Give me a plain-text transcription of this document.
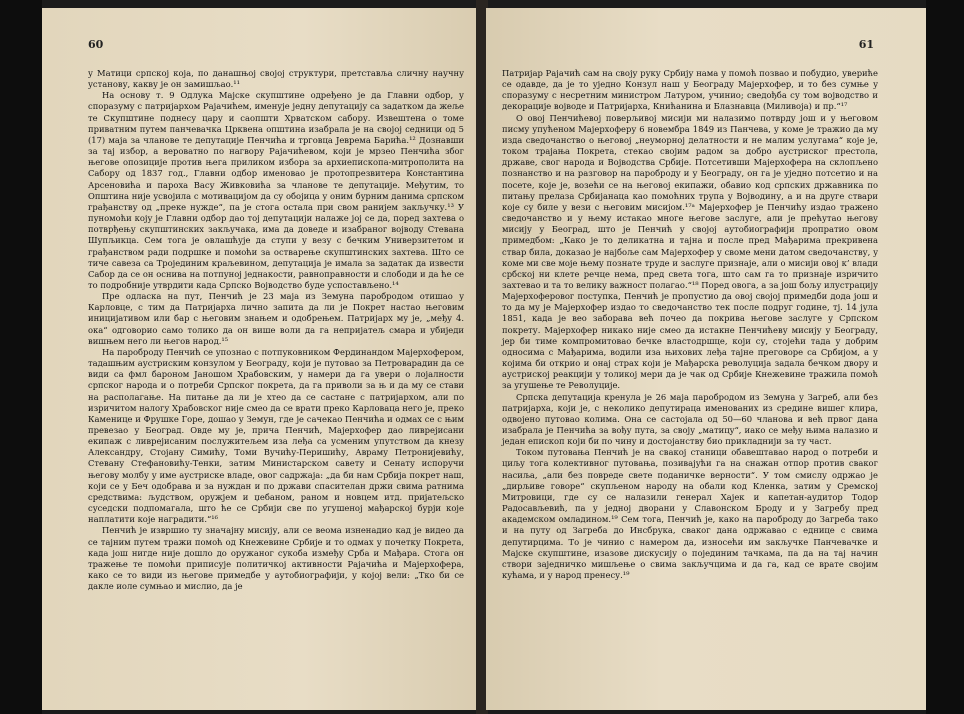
60

у Матици српској која, по данашњој својој структури, претставља сличну научну установу, какву је он замишљао.¹¹

На основу т. 9 Одлука Мајске скупштине одређено је да Главни одбор, у споразуму с патријархом Рајачићем, именује једну депутацију са задатком да жеље те Скупштине поднесу цару и саопшти Хрватском сабору. Извештена о томе приватним путем панчевачка Црквена општина изабрала је на својој седници од 5 (17) маја за чланове те депутације Пенчића и трговца Јеврема Барића.¹² Дознавши за тај избор, а вероватно по нагвору Рајачићевом, који је мрзео Пенчића због његове опозиције против њега приликом избора за архиепископа-митрополита на Сабору од 1837 год., Главни одбор именовао је протопрезвитера Константина Арсеновића и пароха Васу Живковића за чланове те депутације. Међутим, то Општина није усвојила с мотивацијом да су обојица у оним бурним данима српском грађанству од „преке нужде“, па је стога остала при свом ранијем закључку.¹³ У пуномоћи коју је Главни одбор дао тој депутацији налаже јој се да, поред захтева о потврђењу скупштинских закључака, има да доведе и изабраног војводу Стевана Шупљикца. Сем тога је овлашћује да ступи у везу с бечким Универзитетом и грађанством ради подршке и помоћи за остварење скупштинских захтева. Што се тиче савеза са Тројединим краљевином, депутација је имала за задатак да извести Сабор да се он оснива на потпуној једнакости, равноправности и слободи и да ће се то подробније утврдити када Српско Војводство буде успостављено.¹⁴

Пре одласка на пут, Пенчић је 23 маја из Земуна паробродом отишао у Карловце, с тим да Патријарха лично запита да ли је Покрет настао његовим иницијативом или бар с његовим знањем и одобрењем. Патријарх му је, „међу 4. ока“ одговорио само толико да он више воли да га непријатељ смара и убиједи вишњем него ли његов народ.¹⁵

На пароброду Пенчић се упознао с потпуковником Фердинандом Мајерхофером, тадашњим аустриским конзулом у Београду, који је путовао за Петроварадин да се види са фмл бароном Јаношом Храбовским, у намери да га увери о лојалности српског народа и о потреби Српског покрета, да га приволи за њ и да му се стави на располагање. На питање да ли је хтео да се састане с патријархом, али по изричитом налогу Храбовског није смео да се врати преко Карловаца него је, преко Каменице и Фрушке Горе, дошао у Земун, где је сачекао Пенчића и одмах се с њим превезао у Београд. Овде му је, прича Пенчић, Мајерхофер дао ливрејисани екипаж с ливрејисаним послужитељем иза леђа са усменим упутством да кнезу Александру, Стојану Симићу, Томи Вучићу-Перишићу, Авраму Петронијевићу, Стевану Стефановићу-Тенки, затим Министарском савету и Сенату испоручи његову молбу у име аустриске владе, овог садржаја: „да би нам Србија покрет наш, који се у Беч одобрава и за нуждан и по држави спасителан држи свима ратнима средствима: људством, оружјем и џебаном, раном и новцем итд. пријатељско суседски подпомагала, што ће се Србији све по угушеној мађарској бурји које наплатити које наградити.“¹⁶

Пенчић је извршио ту значајну мисију, али се веома изненадио кад је видео да се тајним путем тражи помоћ од Кнежевине Србије и то одмах у почетку Покрета, када још нигде није дошло до оружаног сукоба између Срба и Мађара. Стога он тражење те помоћи приписује политичкој активности Рајачића и Мајерхофера, како се то види из његове примедбе у аутобиографији, у којој вели: „Тко би се дакле иоле сумњао и мислио, да је

61

Патријар Рајачић сам на своју руку Србију нама у помоћ позвао и побудио, увериће се одавде, да је то уједно Конзул наш у Београду Мајерхофер, и то без сумње у споразуму с несретним министром Латуром, учинио; сведођба су том војводство и декорације војводе и Патријарха, Книћанина и Блазнавца (Миливоја) и пр.“¹⁷

О овој Пенчићевој поверљивој мисији ми налазимо потврду још и у његовом писму упућеном Мајерхоферу 6 новембра 1849 из Панчева, у коме је тражио да му изда сведочанство о његовој „неуморној делатности и не малим услугама“ које је, током трајања Покрета, стекао својим радом за добро аустриског престола, државе, свог народа и Војводства Србије. Потсетивши Мајерхофера на склопљено познанство и на разговор на пароброду и у Београду, он га је уједно потсетио и на посете, које је, возећи се на његовој екипажи, обавио код српских државника по питању прелаза Србијанаца као помоћних трупа у Војводину, а и на друге ствари које су биле у вези с његовим мисијом.¹⁷ᵃ Мајерхофер је Пенчићу издао тражено сведочанство и у њему истакао многе његове заслуге, али је прећутао његову мисију у Београд, што је Пенчић у својој аутобиографији пропратио овом примедбом: „Како је то деликатна и тајна и после пред Мађарима прекривена ствар била, доказао је најбоље сам Мајерхофер у своме мени датом сведочанству, у коме ми све моје њему познате труде и заслуге признаје, али о мисији овој к’ влади србској ни клете речце нема, пред света тога, што сам га то признаје изричито захтевао и та то велику важност полагао.“¹⁸ Поред овога, а за још бољу илустрацију Мајерхоферовог поступка, Пенчић је пропустио да овој својој примедби дода још и то да му је Мајерхофер издао то сведочанство тек после подруг године, тј. 14 јула 1851, када је вео заборава већ почео да покрива његове заслуге у Српском покрету. Мајерхофер никако није смео да истакне Пенчићеву мисију у Београду, јер би тиме компромитовао бечке властодршце, који су, стојећи тада у добрим односима с Мађарима, водили иза њихових леђа тајне преговоре са Србијом, а у којима би откриο и онај страх који је Мађарска револуција задала бечком двору и аустриској реакцији у толикој мери да је чак од Србије Кнежевине тражила помоћ за угушење те Револуције.

Српска депутација кренула је 26 маја паробродом из Земуна у Загреб, али без патријарха, који је, с неколико депутираца именованих из средине вишег клира, одвојено путовао колима. Она се састојала од 50—60 чланова и већ првог дана изабрала је Пенчића за вођу пута, за своју „матицу“, иако се међу њима налазио и један епископ који би по чину и достојанству био прикладнији за ту част.

Током путовања Пенчић је на свакој станици обавештавао народ о потреби и циљу тога колективног путовања, позивајући га на снажан отпор против сваког насиља, „али без повреде свете поданичке верности“. У том смислу одржао је „дирљиве говоре“ скупљеном народу на обали код Кленка, затим у Сремској Митровици, где су се налазили генерал Хајек и капетан-аудитор Тодор Радосављевић, па у једној дворани у Славонском Броду и у Загребу пред академском омладином.¹⁹ Сем тога, Пенчић је, како на пароброду до Загреба тако и на путу од Загреба до Инсбрука, сваког дана одржавао с еднице с свима депутирцима. То је чинио с намером да, износећи им закључке Панчевачке и Мајске скупштине, изазове дискусију о појединим тачкама, па да на тај начин створи заједничко мишљење о свима закључцима и да га, кад се врате својим кућама, и у народ пренесу.¹⁹
